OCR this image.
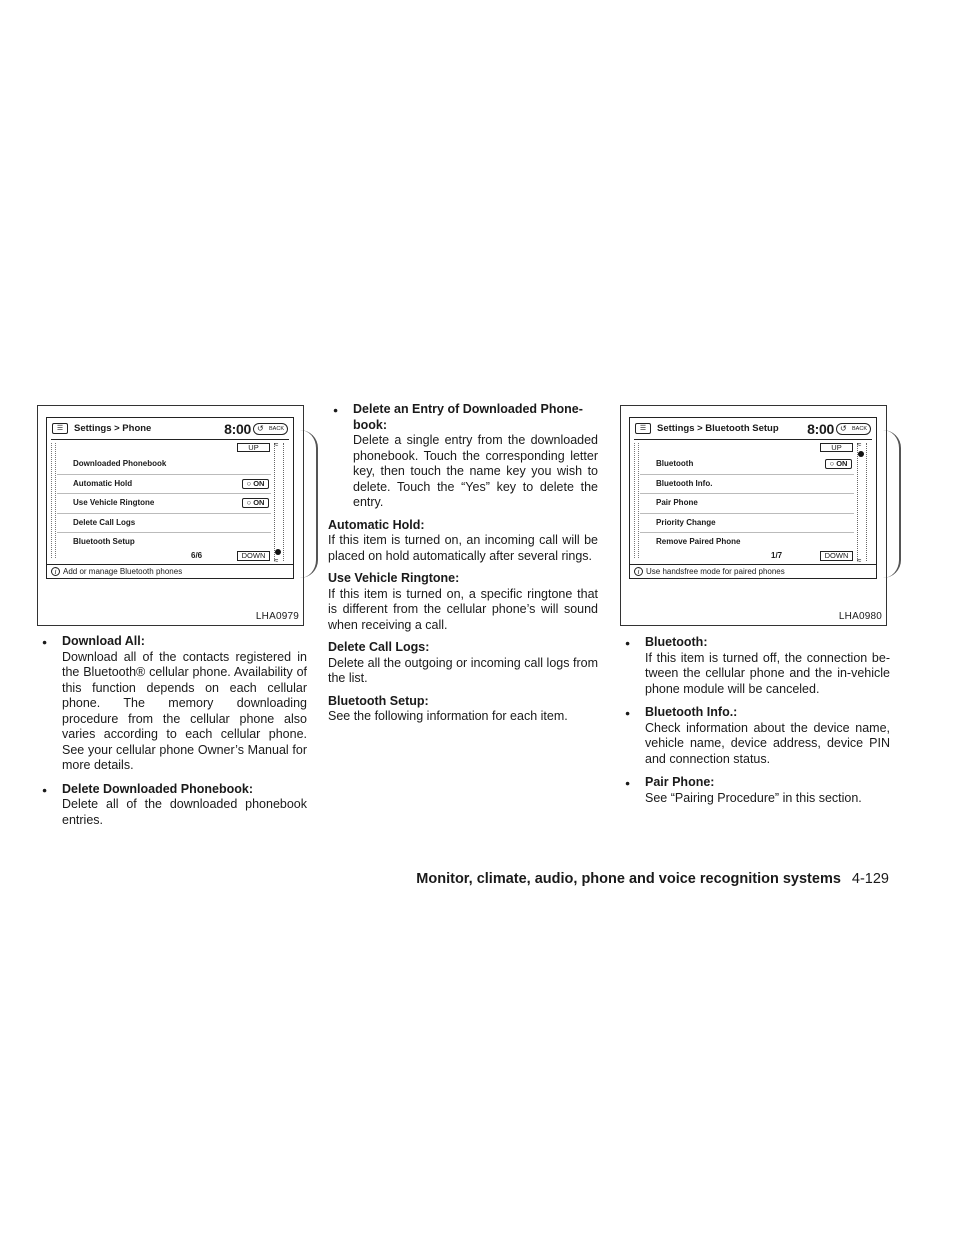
☰	Settings > Phone	8:00 ↺ BACK
UP
Downloaded Phonebook
Automatic Hold	○ ON
Use Vehicle Ringtone	○ ON
Delete Call Logs
Bluetooth Setup
6/6	DOWN
≈
≈
i Add or manage Bluetooth phones
LHA0979
● Download All:
Download all of the contacts registered in the Bluetooth® cellular phone. Availability of this function depends on each cellular phone. The memory downloading procedure from the cellular phone also varies according to each cellular phone. See your cellular phone Owner’s Manual for more details.
● Delete Downloaded Phonebook:
Delete all of the downloaded phonebook entries.
● Delete an Entry of Downloaded Phone-book:
Delete a single entry from the downloaded phonebook. Touch the corresponding letter key, then touch the name key you wish to delete. Touch the “Yes” key to delete the entry.
Automatic Hold:
If this item is turned on, an incoming call will be placed on hold automatically after several rings.
Use Vehicle Ringtone:
If this item is turned on, a specific ringtone that is different from the cellular phone’s will sound when receiving a call.
Delete Call Logs:
Delete all the outgoing or incoming call logs from the list.
Bluetooth Setup:
See the following information for each item.
☰	Settings > Bluetooth Setup 8:00 ↺ BACK
UP
Bluetooth	○ ON
Bluetooth Info.
Pair Phone
Priority Change
Remove Paired Phone
1/7	DOWN
≈
≈
i Use handsfree mode for paired phones
LHA0980
● Bluetooth:
If this item is turned off, the connection be-tween the cellular phone and the in-vehicle phone module will be canceled.
● Bluetooth Info.:
Check information about the device name, vehicle name, device address, device PIN and connection status.
● Pair Phone:
See “Pairing Procedure” in this section.
Monitor, climate, audio, phone and voice recognition systems 4-129
